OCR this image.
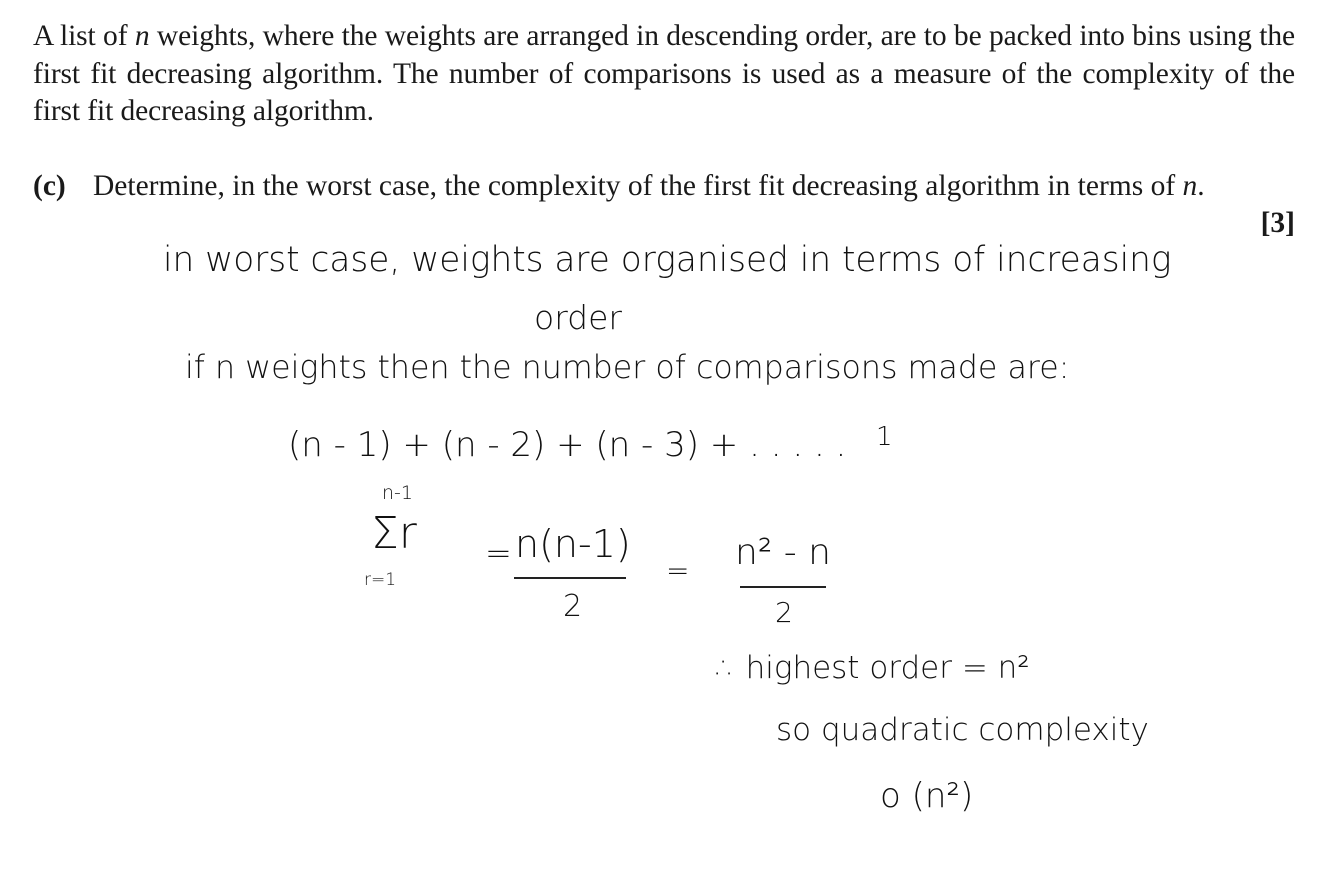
A list of n weights, where the weights are arranged in descending order, are to be packed into bins using the first fit decreasing algorithm. The number of comparisons is used as a measure of the complexity of the first fit decreasing algorithm.
(c) Determine, in the worst case, the complexity of the first fit decreasing algorithm in terms of n.
[3]
in worst case, weights are organised in terms of increasing
order
if n weights then the number of comparisons made are:
(n - 1) + (n - 2) + (n - 3) + . . . . . 1
n-1
Σr
r=1
= n(n-1)
2
= n² - n
2
∴ highest order = n²
so quadratic complexity
o (n²)
